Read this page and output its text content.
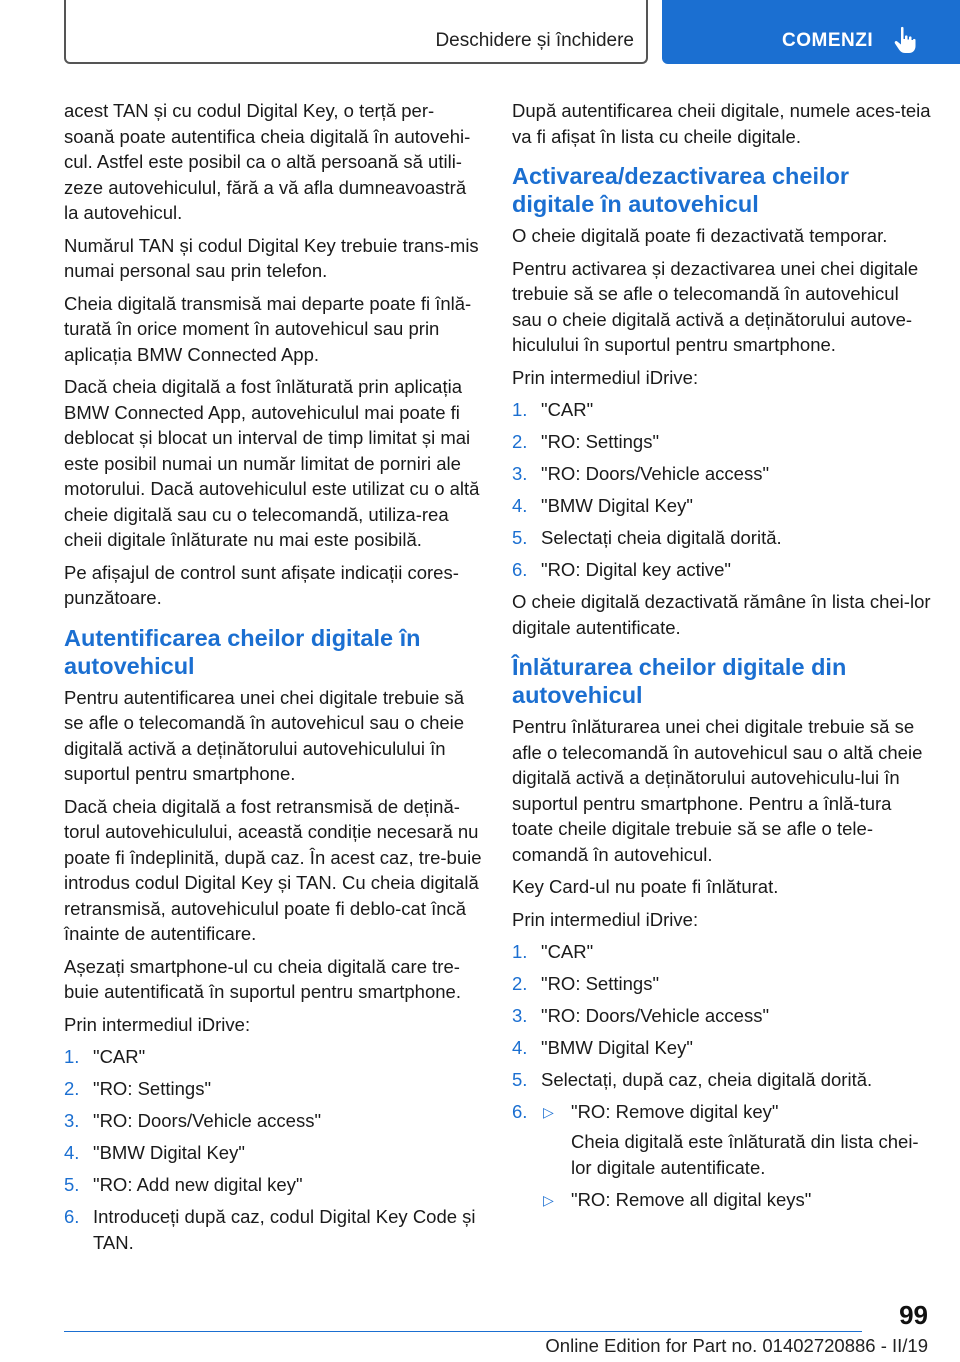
Deschidere și închidere	COMENZI

acest TAN și cu codul Digital Key, o terță per-soană poate autentifica cheia digitală în autovehi-cul. Astfel este posibil ca o altă persoană să utili-zeze autovehiculul, fără a vă afla dumneavoastră la autovehicul.

Numărul TAN și codul Digital Key trebuie trans-mis numai personal sau prin telefon.

Cheia digitală transmisă mai departe poate fi înlă-turată în orice moment în autovehicul sau prin aplicația BMW Connected App.

Dacă cheia digitală a fost înlăturată prin aplicația BMW Connected App, autovehiculul mai poate fi deblocat și blocat un interval de timp limitat și mai este posibil numai un număr limitat de porniri ale motorului. Dacă autovehiculul este utilizat cu o altă cheie digitală sau cu o telecomandă, utiliza-rea cheii digitale înlăturate nu mai este posibilă.

Pe afișajul de control sunt afișate indicații cores-punzătoare.

Autentificarea cheilor digitale în autovehicul

Pentru autentificarea unei chei digitale trebuie să se afle o telecomandă în autovehicul sau o cheie digitală activă a deținătorului autovehiculului în suportul pentru smartphone.

Dacă cheia digitală a fost retransmisă de dețină-torul autovehiculului, această condiție necesară nu poate fi îndeplinită, după caz. În acest caz, tre-buie introdus codul Digital Key și TAN. Cu cheia digitală retransmisă, autovehiculul poate fi deblo-cat încă înainte de autentificare.

Așezați smartphone-ul cu cheia digitală care tre-buie autentificată în suportul pentru smartphone.

Prin intermediul iDrive:

1. "CAR"
2. "RO: Settings"
3. "RO: Doors/Vehicle access"
4. "BMW Digital Key"
5. "RO: Add new digital key"
6. Introduceți după caz, codul Digital Key Code și TAN.

După autentificarea cheii digitale, numele aces-teia va fi afișat în lista cu cheile digitale.

Activarea/dezactivarea cheilor digitale în autovehicul

O cheie digitală poate fi dezactivată temporar.

Pentru activarea și dezactivarea unei chei digitale trebuie să se afle o telecomandă în autovehicul sau o cheie digitală activă a deținătorului autove-hiculului în suportul pentru smartphone.

Prin intermediul iDrive:

1. "CAR"
2. "RO: Settings"
3. "RO: Doors/Vehicle access"
4. "BMW Digital Key"
5. Selectați cheia digitală dorită.
6. "RO: Digital key active"

O cheie digitală dezactivată rămâne în lista chei-lor digitale autentificate.

Înlăturarea cheilor digitale din autovehicul

Pentru înlăturarea unei chei digitale trebuie să se afle o telecomandă în autovehicul sau o altă cheie digitală activă a deținătorului autovehiculu-lui în suportul pentru smartphone. Pentru a înlă-tura toate cheile digitale trebuie să se afle o tele-comandă în autovehicul.

Key Card-ul nu poate fi înlăturat.

Prin intermediul iDrive:

1. "CAR"
2. "RO: Settings"
3. "RO: Doors/Vehicle access"
4. "BMW Digital Key"
5. Selectați, după caz, cheia digitală dorită.
6. ▷ "RO: Remove digital key"
Cheia digitală este înlăturată din lista chei-lor digitale autentificate.
▷ "RO: Remove all digital keys"
99
Online Edition for Part no. 01402720886 - II/19
